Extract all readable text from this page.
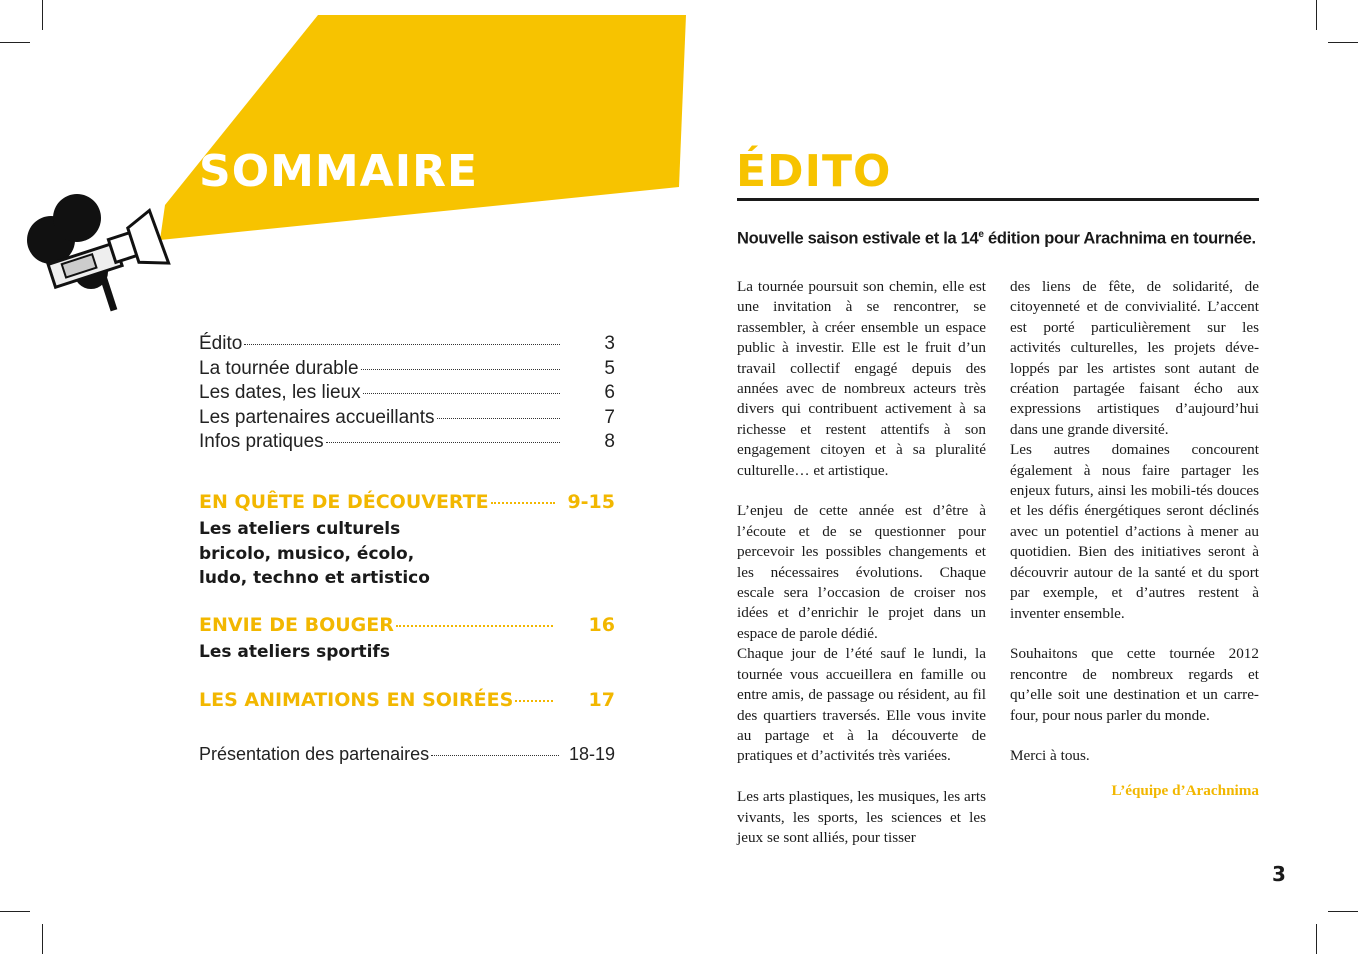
SOMMAIRE
Édito	3
La tournée durable	5
Les dates, les lieux	6
Les partenaires accueillants	7
Infos pratiques	8
EN QUÊTE DE DÉCOUVERTE	9-15
Les ateliers culturels
bricolo, musico, écolo,
ludo, techno et artistico
ENVIE DE BOUGER	16
Les ateliers sportifs
LES ANIMATIONS EN SOIRÉES	17
Présentation des partenaires	18-19
ÉDITO

Nouvelle saison estivale et la 14e édition pour Arachnima en tournée.

La tournée poursuit son chemin, elle est une invitation à se rencontrer, se rassembler, à créer ensemble un espace public à investir. Elle est le fruit d’un travail collectif engagé depuis des années avec de nombreux acteurs très divers qui contribuent activement à sa richesse et restent attentifs à son engagement citoyen et à sa pluralité culturelle… et artistique.

L’enjeu de cette année est d’être à l’écoute et de se questionner pour percevoir les possibles changements et les nécessaires évolutions. Chaque escale sera l’occasion de croiser nos idées et d’enrichir le projet dans un espace de parole dédié.

Chaque jour de l’été sauf le lundi, la tournée vous accueillera en famille ou entre amis, de passage ou résident, au fil des quartiers traversés. Elle vous invite au partage et à la découverte de pratiques et d’activités très variées.

Les arts plastiques, les musiques, les arts vivants, les sports, les sciences et les jeux se sont alliés, pour tisser

des liens de fête, de solidarité, de citoyenneté et de convivialité. L’accent est porté particulièrement sur les activités culturelles, les projets déve-loppés par les artistes sont autant de création partagée faisant écho aux expressions artistiques d’aujourd’hui dans une grande diversité.

Les autres domaines concourent également à nous faire partager les enjeux futurs, ainsi les mobili-tés douces et les défis énergétiques seront déclinés avec un potentiel d’actions à mener au quotidien. Bien des initiatives seront à découvrir autour de la santé et du sport par exemple, et d’autres restent à inventer ensemble.

Souhaitons que cette tournée 2012 rencontre de nombreux regards et qu’elle soit une destination et un carre-four, pour nous parler du monde.

Merci à tous.

L’équipe d’Arachnima

3
